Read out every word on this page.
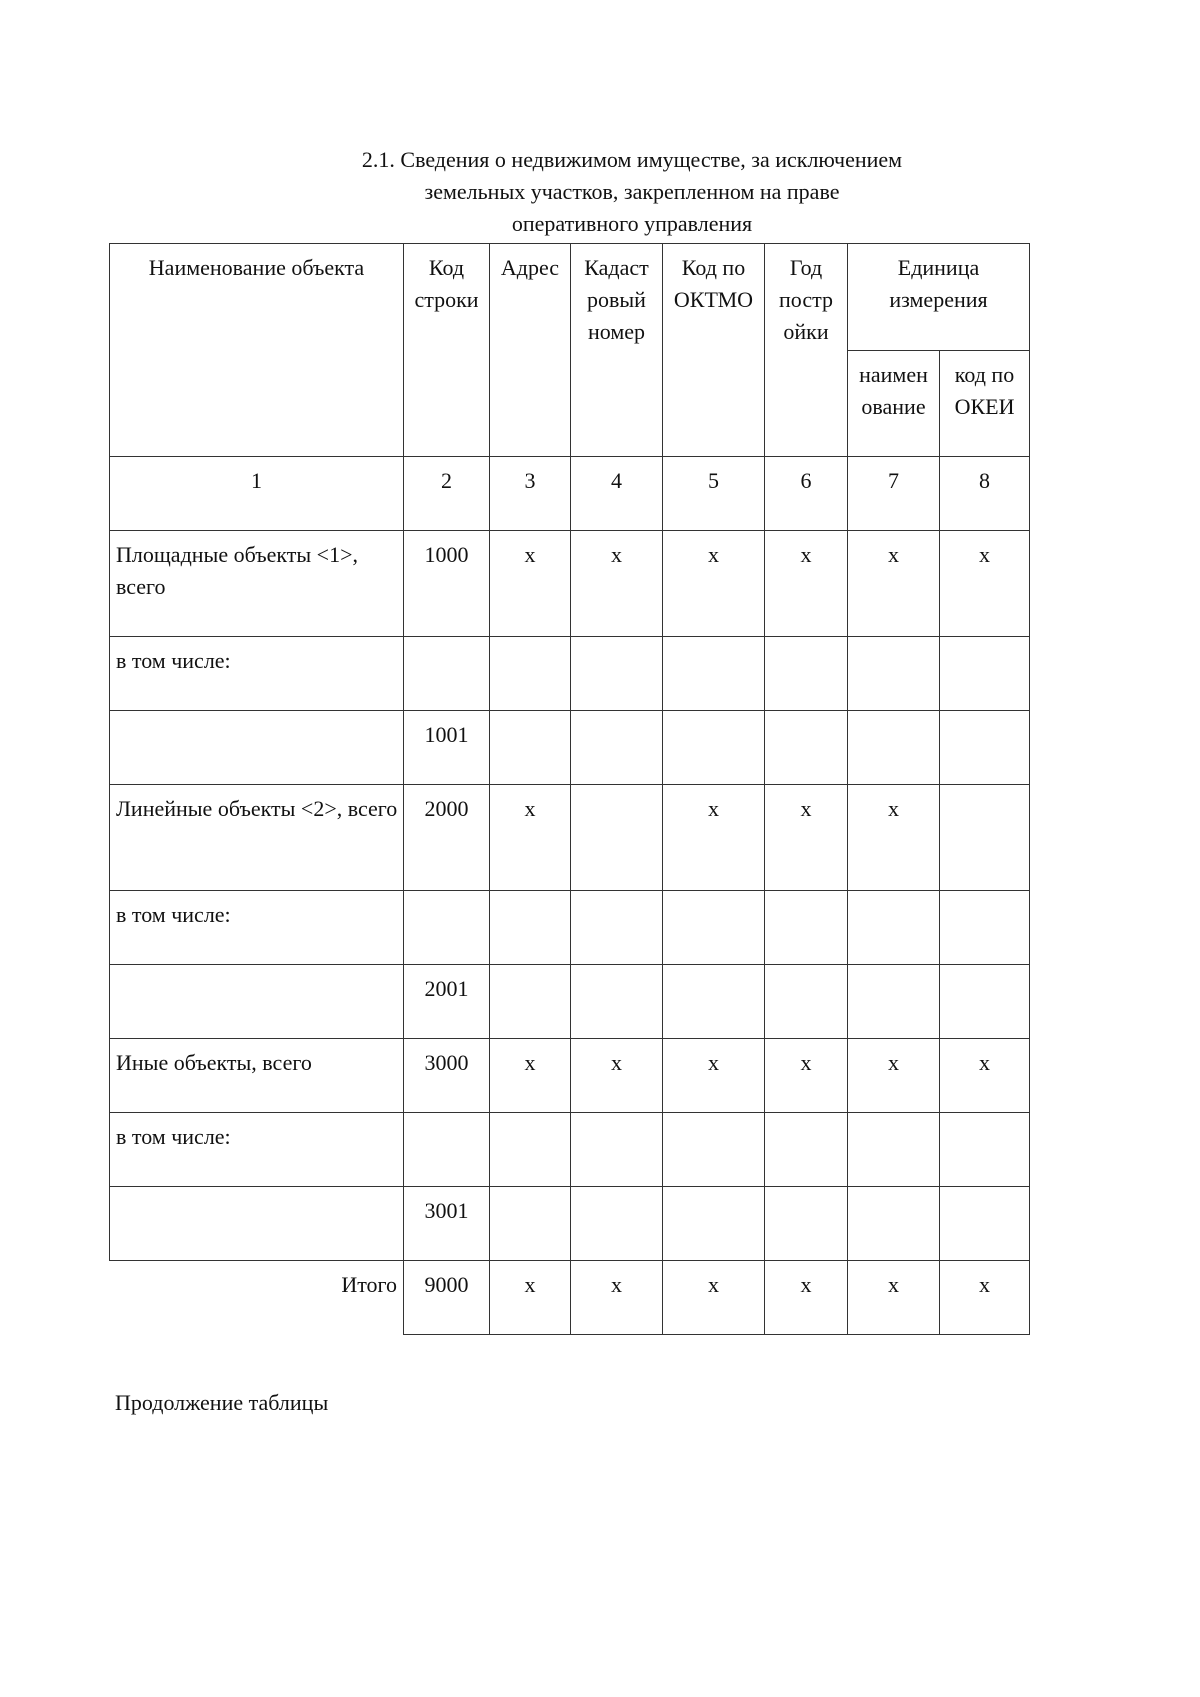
2.1. Сведения о недвижимом имуществе, за исключением
земельных участков, закрепленном на праве
оперативного управления
Наименование объекта	Код строки	Адрес	Кадаст ровый номер	Код по ОКТМО	Год постр ойки	Единица измерения	
						наимен ование	код по ОКЕИ
1	2	3	4	5	6	7	8
Площадные объекты <1>, всего	1000	x	x	x	x	x	x
в том числе:							
	1001						
Линейные объекты <2>, всего	2000	x		x	x	x	
в том числе:							
	2001						
Иные объекты, всего	3000	x	x	x	x	x	x
в том числе:							
	3001						
Итого	9000	x	x	x	x	x	x
Продолжение таблицы
